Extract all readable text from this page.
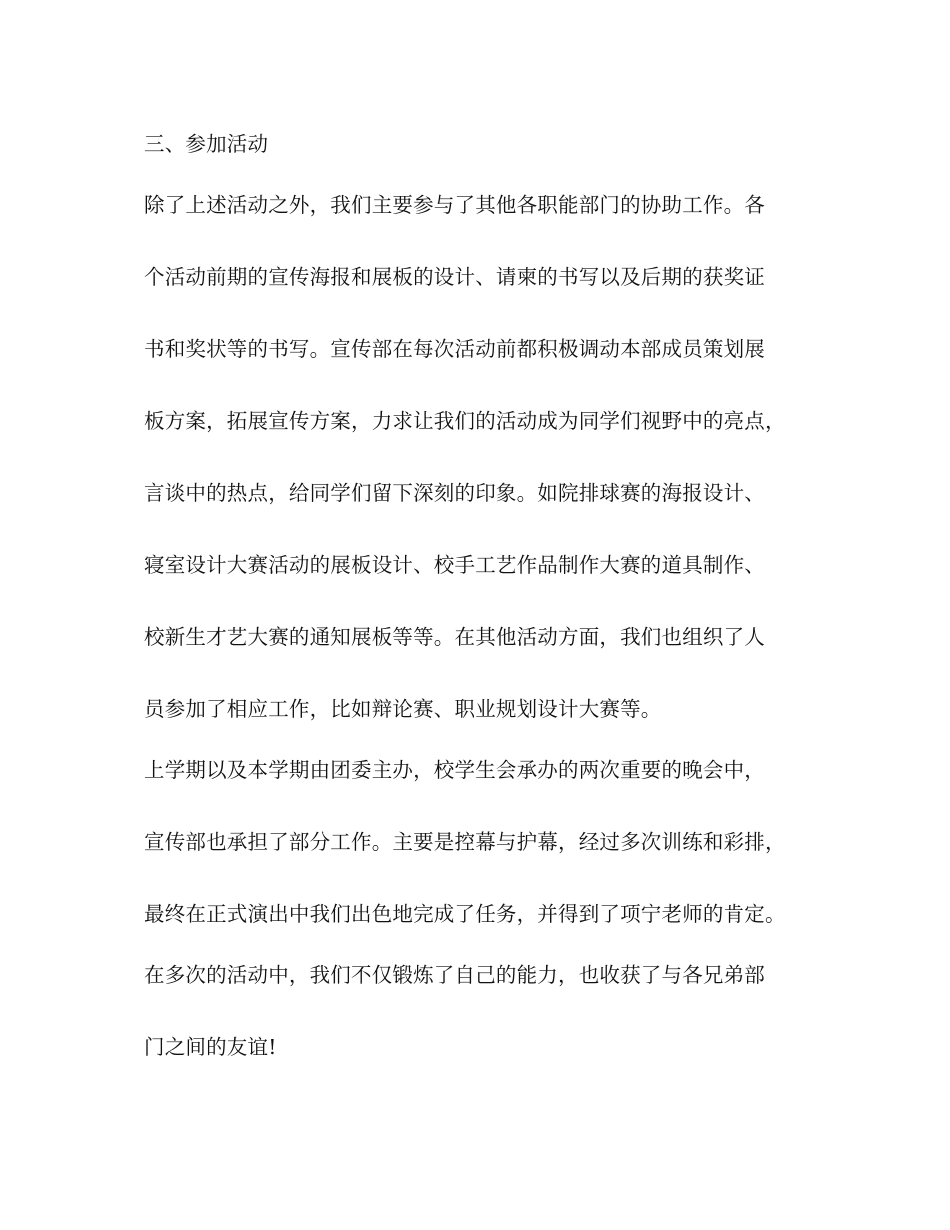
三、参加活动

除了上述活动之外，我们主要参与了其他各职能部门的协助工作。各

个活动前期的宣传海报和展板的设计、请柬的书写以及后期的获奖证

书和奖状等的书写。宣传部在每次活动前都积极调动本部成员策划展

板方案，拓展宣传方案，力求让我们的活动成为同学们视野中的亮点，

言谈中的热点，给同学们留下深刻的印象。如院排球赛的海报设计、

寝室设计大赛活动的展板设计、校手工艺作品制作大赛的道具制作、

校新生才艺大赛的通知展板等等。在其他活动方面，我们也组织了人

员参加了相应工作，比如辩论赛、职业规划设计大赛等。

上学期以及本学期由团委主办，校学生会承办的两次重要的晚会中，

宣传部也承担了部分工作。主要是控幕与护幕，经过多次训练和彩排，

最终在正式演出中我们出色地完成了任务，并得到了项宁老师的肯定。

在多次的活动中，我们不仅锻炼了自己的能力，也收获了与各兄弟部

门之间的友谊!
